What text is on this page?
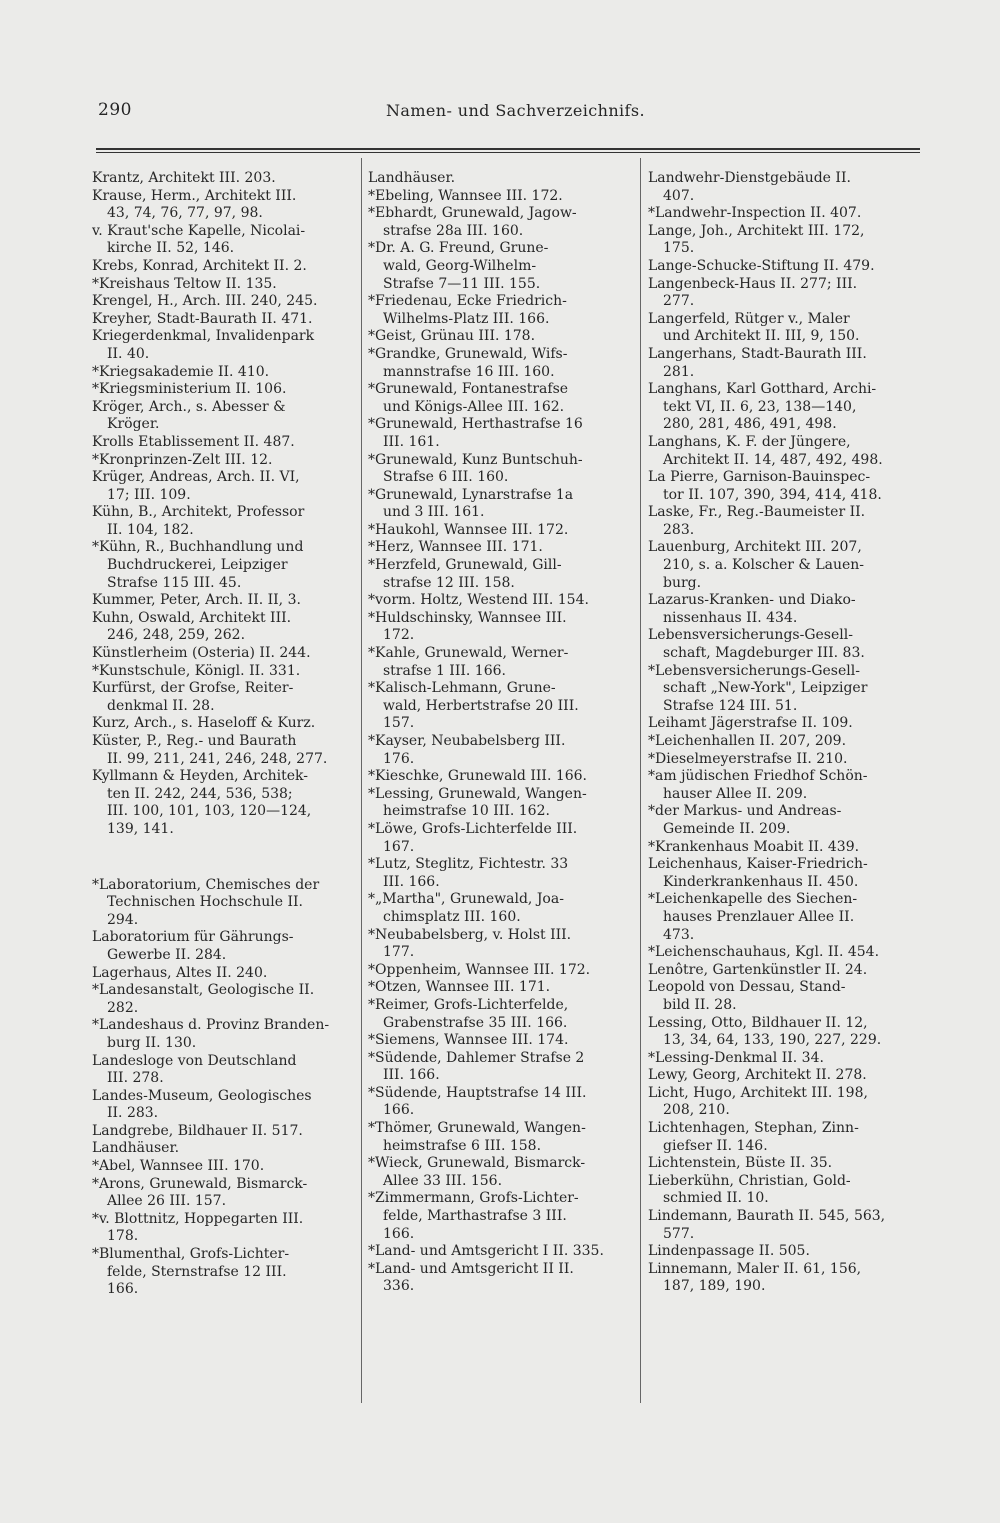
290	Namen- und Sachverzeichnifs.
Krantz, Architekt III. 203.
Krause, Herm., Architekt III.
43, 74, 76, 77, 97, 98.
v. Kraut'sche Kapelle, Nicolai-
kirche II. 52, 146.
Krebs, Konrad, Architekt II. 2.
*Kreishaus Teltow II. 135.
Krengel, H., Arch. III. 240, 245.
Kreyher, Stadt-Baurath II. 471.
Kriegerdenkmal, Invalidenpark
II. 40.
*Kriegsakademie II. 410.
*Kriegsministerium II. 106.
Kröger, Arch., s. Abesser &
Kröger.
Krolls Etablissement II. 487.
*Kronprinzen-Zelt III. 12.
Krüger, Andreas, Arch. II. VI,
17; III. 109.
Kühn, B., Architekt, Professor
II. 104, 182.
*Kühn, R., Buchhandlung und
Buchdruckerei, Leipziger
Strafse 115 III. 45.
Kummer, Peter, Arch. II. II, 3.
Kuhn, Oswald, Architekt III.
246, 248, 259, 262.
Künstlerheim (Osteria) II. 244.
*Kunstschule, Königl. II. 331.
Kurfürst, der Grofse, Reiter-
denkmal II. 28.
Kurz, Arch., s. Haseloff & Kurz.
Küster, P., Reg.- und Baurath
II. 99, 211, 241, 246, 248, 277.
Kyllmann & Heyden, Architek-
ten II. 242, 244, 536, 538;
III. 100, 101, 103, 120—124,
139, 141.
*Laboratorium, Chemisches der
Technischen Hochschule II.
294.
Laboratorium für Gährungs-
Gewerbe II. 284.
Lagerhaus, Altes II. 240.
*Landesanstalt, Geologische II.
282.
*Landeshaus d. Provinz Branden-
burg II. 130.
Landesloge von Deutschland
III. 278.
Landes-Museum, Geologisches
II. 283.
Landgrebe, Bildhauer II. 517.
Landhäuser.
*Abel, Wannsee III. 170.
*Arons, Grunewald, Bismarck-
Allee 26 III. 157.
*v. Blottnitz, Hoppegarten III.
178.
*Blumenthal, Grofs-Lichter-
felde, Sternstrafse 12 III.
166.
Landhäuser.
*Ebeling, Wannsee III. 172.
*Ebhardt, Grunewald, Jagow-
strafse 28a III. 160.
*Dr. A. G. Freund, Grune-
wald, Georg-Wilhelm-
Strafse 7—11 III. 155.
*Friedenau, Ecke Friedrich-
Wilhelms-Platz III. 166.
*Geist, Grünau III. 178.
*Grandke, Grunewald, Wifs-
mannstrafse 16 III. 160.
*Grunewald, Fontanestrafse
und Königs-Allee III. 162.
*Grunewald, Herthastrafse 16
III. 161.
*Grunewald, Kunz Buntschuh-
Strafse 6 III. 160.
*Grunewald, Lynarstrafse 1a
und 3 III. 161.
*Haukohl, Wannsee III. 172.
*Herz, Wannsee III. 171.
*Herzfeld, Grunewald, Gill-
strafse 12 III. 158.
*vorm. Holtz, Westend III. 154.
*Huldschinsky, Wannsee III.
172.
*Kahle, Grunewald, Werner-
strafse 1 III. 166.
*Kalisch-Lehmann, Grune-
wald, Herbertstrafse 20 III.
157.
*Kayser, Neubabelsberg III.
176.
*Kieschke, Grunewald III. 166.
*Lessing, Grunewald, Wangen-
heimstrafse 10 III. 162.
*Löwe, Grofs-Lichterfelde III.
167.
*Lutz, Steglitz, Fichtestr. 33
III. 166.
*„Martha", Grunewald, Joa-
chimsplatz III. 160.
*Neubabelsberg, v. Holst III.
177.
*Oppenheim, Wannsee III. 172.
*Otzen, Wannsee III. 171.
*Reimer, Grofs-Lichterfelde,
Grabenstrafse 35 III. 166.
*Siemens, Wannsee III. 174.
*Südende, Dahlemer Strafse 2
III. 166.
*Südende, Hauptstrafse 14 III.
166.
*Thömer, Grunewald, Wangen-
heimstrafse 6 III. 158.
*Wieck, Grunewald, Bismarck-
Allee 33 III. 156.
*Zimmermann, Grofs-Lichter-
felde, Marthastrafse 3 III.
166.
*Land- und Amtsgericht I II. 335.
*Land- und Amtsgericht II II.
336.
Landwehr-Dienstgebäude II.
407.
*Landwehr-Inspection II. 407.
Lange, Joh., Architekt III. 172,
175.
Lange-Schucke-Stiftung II. 479.
Langenbeck-Haus II. 277; III.
277.
Langerfeld, Rütger v., Maler
und Architekt II. III, 9, 150.
Langerhans, Stadt-Baurath III.
281.
Langhans, Karl Gotthard, Archi-
tekt VI, II. 6, 23, 138—140,
280, 281, 486, 491, 498.
Langhans, K. F. der Jüngere,
Architekt II. 14, 487, 492, 498.
La Pierre, Garnison-Bauinspec-
tor II. 107, 390, 394, 414, 418.
Laske, Fr., Reg.-Baumeister II.
283.
Lauenburg, Architekt III. 207,
210, s. a. Kolscher & Lauen-
burg.
Lazarus-Kranken- und Diako-
nissenhaus II. 434.
Lebensversicherungs-Gesell-
schaft, Magdeburger III. 83.
*Lebensversicherungs-Gesell-
schaft „New-York", Leipziger
Strafse 124 III. 51.
Leihamt Jägerstrafse II. 109.
*Leichenhallen II. 207, 209.
*Dieselmeyerstrafse II. 210.
*am jüdischen Friedhof Schön-
hauser Allee II. 209.
*der Markus- und Andreas-
Gemeinde II. 209.
*Krankenhaus Moabit II. 439.
Leichenhaus, Kaiser-Friedrich-
Kinderkrankenhaus II. 450.
*Leichenkapelle des Siechen-
hauses Prenzlauer Allee II.
473.
*Leichenschauhaus, Kgl. II. 454.
Lenôtre, Gartenkünstler II. 24.
Leopold von Dessau, Stand-
bild II. 28.
Lessing, Otto, Bildhauer II. 12,
13, 34, 64, 133, 190, 227, 229.
*Lessing-Denkmal II. 34.
Lewy, Georg, Architekt II. 278.
Licht, Hugo, Architekt III. 198,
208, 210.
Lichtenhagen, Stephan, Zinn-
giefser II. 146.
Lichtenstein, Büste II. 35.
Lieberkühn, Christian, Gold-
schmied II. 10.
Lindemann, Baurath II. 545, 563,
577.
Lindenpassage II. 505.
Linnemann, Maler II. 61, 156,
187, 189, 190.
